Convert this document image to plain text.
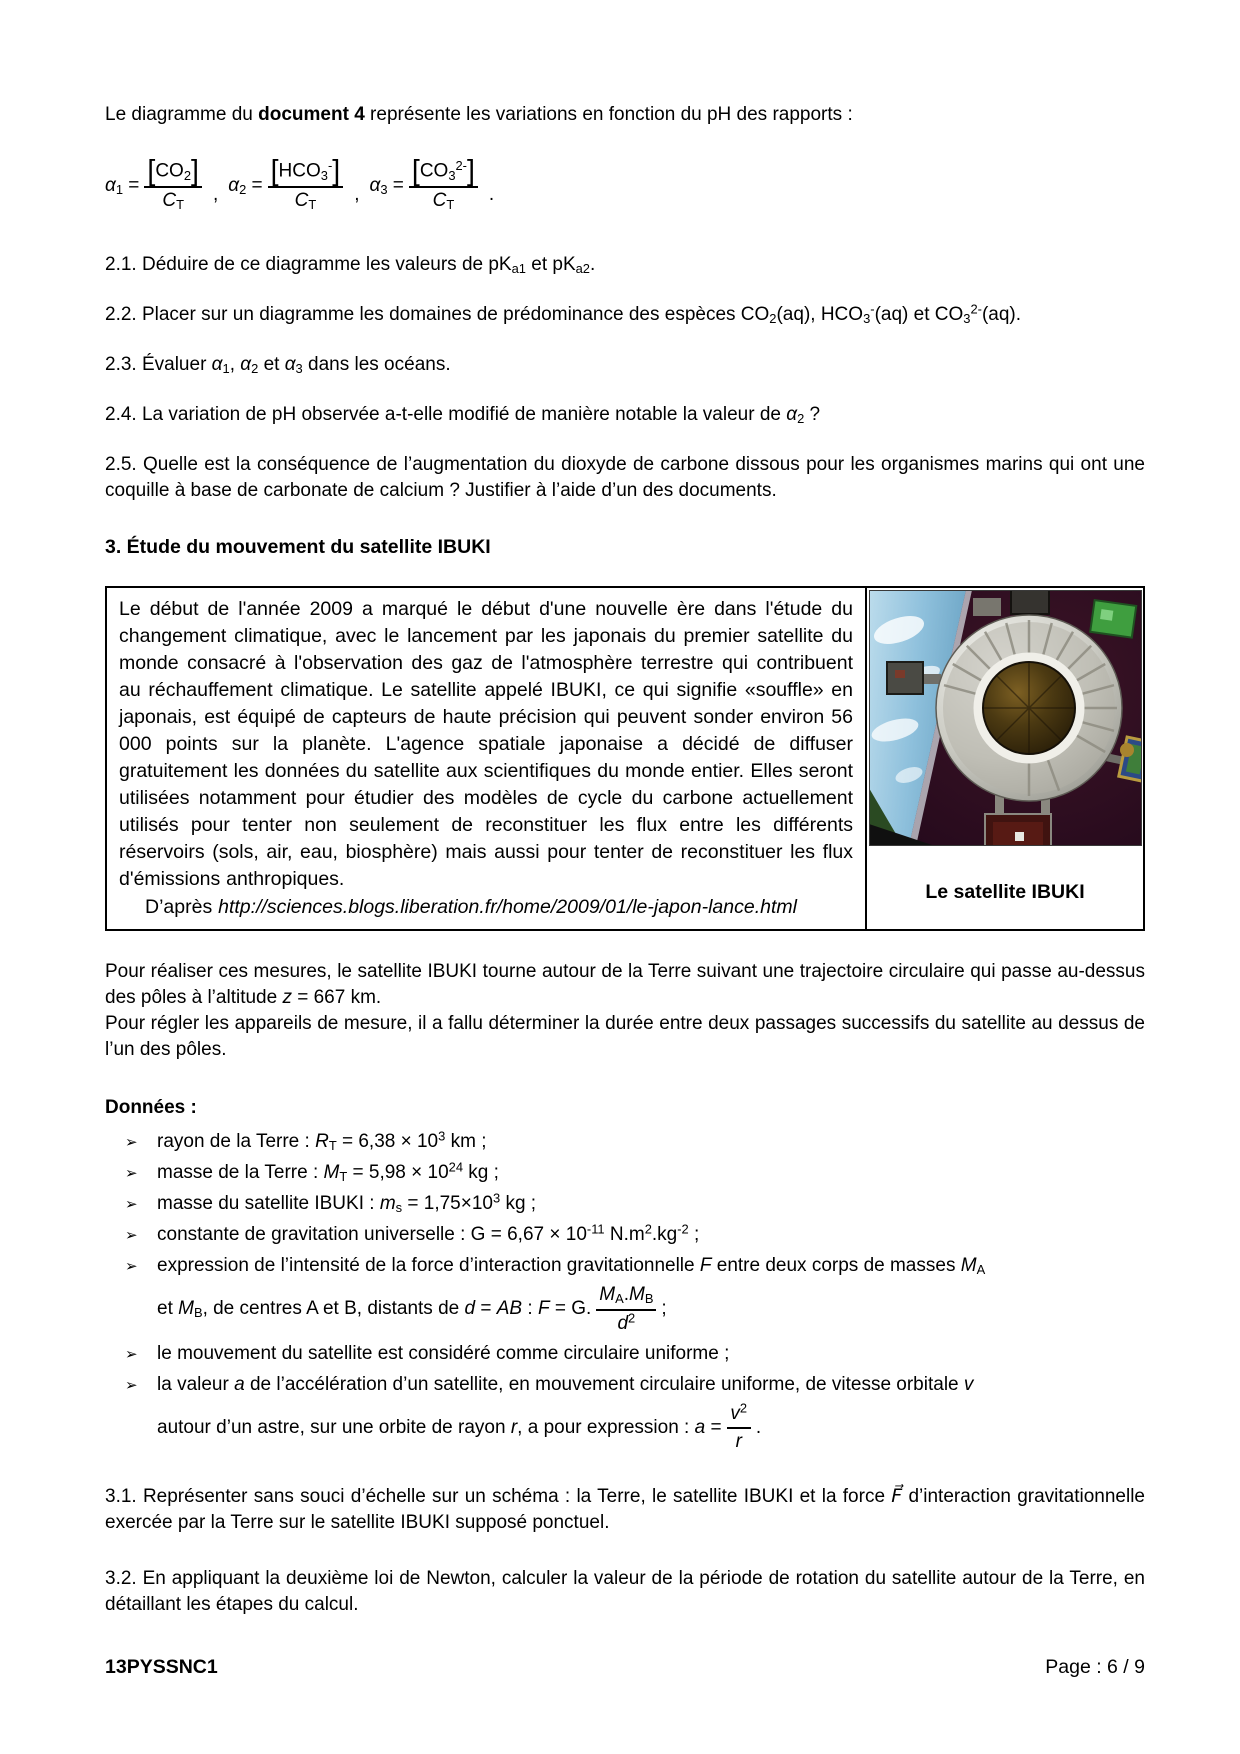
Le diagramme du document 4 représente les variations en fonction du pH des rapports :
$\alpha 1 = \frac{[CO2]}{CT}$ , $\alpha 2 = \frac{[HCO3^-]}{CT}$ , $\alpha 3 = \frac{[CO3^{2-}]}{CT}$ .
2.1. Déduire de ce diagramme les valeurs de pKa1 et pKa2.
2.2. Placer sur un diagramme les domaines de prédominance des espèces CO2(aq), HCO3-(aq) et $CO3^{2-}(aq)$.
2.3. Évaluer α1, α2 et α3 dans les océans.
2.4. La variation de pH observée a-t-elle modifié de manière notable la valeur de α2 ?
2.5. Quelle est la conséquence de l’augmentation du dioxyde de carbone dissous pour les organismes marins qui ont une coquille à base de carbonate de calcium ? Justifier à l’aide d’un des documents.
3. Étude du mouvement du satellite IBUKI
Le début de l'année 2009 a marqué le début d'une nouvelle ère dans l'étude du changement climatique, avec le lancement par les japonais du premier satellite du monde consacré à l'observation des gaz de l'atmosphère terrestre qui contribuent au réchauffement climatique. Le satellite appelé IBUKI, ce qui signifie «souffle» en japonais, est équipé de capteurs de haute précision qui peuvent sonder environ 56 000 points sur la planète. L'agence spatiale japonaise a décidé de diffuser gratuitement les données du satellite aux scientifiques du monde entier. Elles seront utilisées notamment pour étudier des modèles de cycle du carbone actuellement utilisés pour tenter non seulement de reconstituer les flux entre les différents réservoirs (sols, air, eau, biosphère) mais aussi pour tenter de reconstituer les flux d'émissions anthropiques.
D’après http://sciences.blogs.liberation.fr/home/2009/01/le-japon-lance.html
Le satellite IBUKI
Pour réaliser ces mesures, le satellite IBUKI tourne autour de la Terre suivant une trajectoire circulaire qui passe au-dessus des pôles à l’altitude z = 667 km.
Pour régler les appareils de mesure, il a fallu déterminer la durée entre deux passages successifs du satellite au dessus de l’un des pôles.
Données :
➢ rayon de la Terre : RT = $6,38 \times 10^3$ km ;
➢ masse de la Terre : MT = $5,98 \times 10^{24}$ kg ;
➢ masse du satellite IBUKI : ms = $1,75\times 10^3$ kg ;
➢ constante de gravitation universelle : $G = 6,67 \times 10^{-11}$ $N.m^2.kg^{-2}$ ;
➢ expression de l’intensité de la force d’interaction gravitationnelle F entre deux corps de masses MA
et MB, de centres A et B, distants de d = AB : F = G. $\frac{MA.MB}{d^2}$ ;
➢ le mouvement du satellite est considéré comme circulaire uniforme ;
➢ la valeur a de l’accélération d’un satellite, en mouvement circulaire uniforme, de vitesse orbitale v
autour d’un astre, sur une orbite de rayon r, a pour expression : $a = \frac{v^2}{r}$ .
3.1. Représenter sans souci d’échelle sur un schéma : la Terre, le satellite IBUKI et la force F⃗ d’interaction gravitationnelle exercée par la Terre sur le satellite IBUKI supposé ponctuel.
3.2. En appliquant la deuxième loi de Newton, calculer la valeur de la période de rotation du satellite autour de la Terre, en détaillant les étapes du calcul.
13PYSSNC1	Page : 6 / 9
